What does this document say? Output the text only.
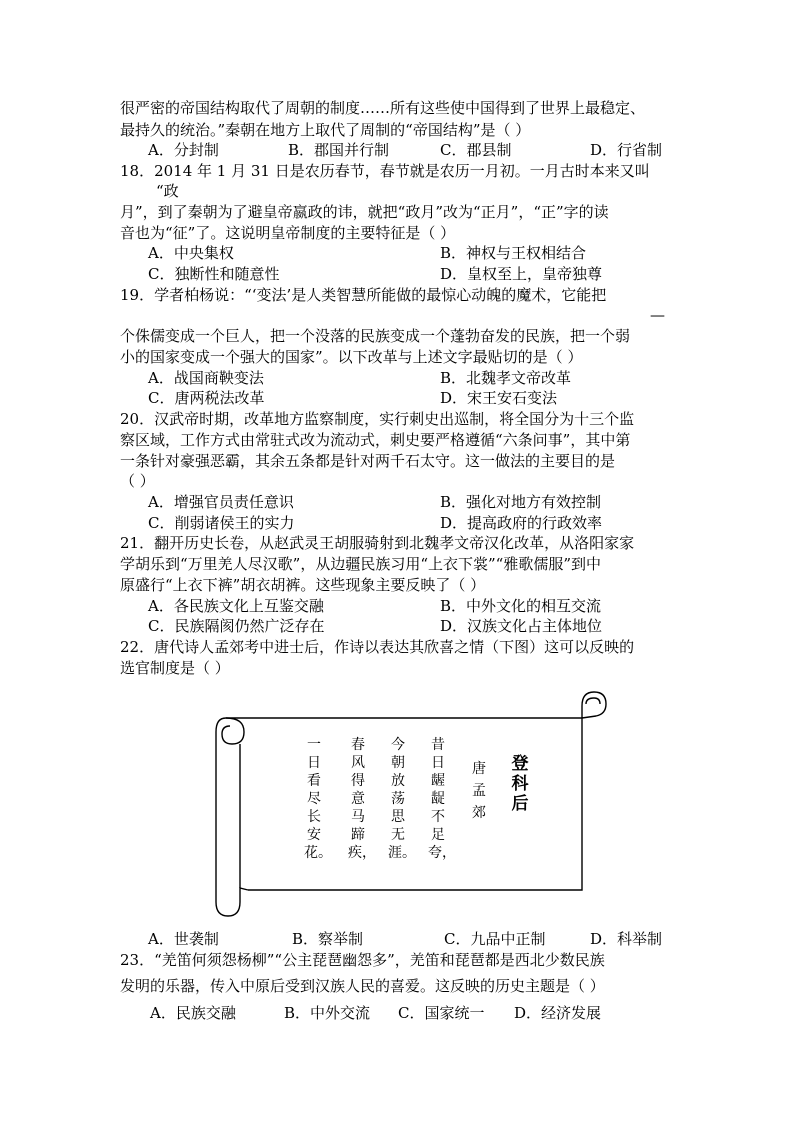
很严密的帝国结构取代了周朝的制度……所有这些使中国得到了世界上最稳定、
最持久的统治。”秦朝在地方上取代了周制的“帝国结构”是（ ）
A．分封制	B．郡国并行制	C．郡县制	D．行省制
18．2014 年 1 月 31 日是农历春节，春节就是农历一月初。一月古时本来又叫
“政
月”，到了秦朝为了避皇帝嬴政的讳，就把“政月”改为“正月”，“正”字的读
音也为“征”了。这说明皇帝制度的主要特征是（ ）
A．中央集权	B．神权与王权相结合
C．独断性和随意性	D．皇权至上，皇帝独尊
19．学者柏杨说：“‘变法’是人类智慧所能做的最惊心动魄的魔术，它能把
—
个侏儒变成一个巨人，把一个没落的民族变成一个蓬勃奋发的民族，把一个弱
小的国家变成一个强大的国家”。以下改革与上述文字最贴切的是（ ）
A．战国商鞅变法	B．北魏孝文帝改革
C．唐两税法改革	D．宋王安石变法
20．汉武帝时期，改革地方监察制度，实行刺史出巡制，将全国分为十三个监
察区域，工作方式由常驻式改为流动式，刺史要严格遵循“六条问事”，其中第
一条针对豪强恶霸，其余五条都是针对两千石太守。这一做法的主要目的是
（ ）
A．增强官员责任意识	B．强化对地方有效控制
C．削弱诸侯王的实力	D．提高政府的行政效率
21．翻开历史长卷，从赵武灵王胡服骑射到北魏孝文帝汉化改革，从洛阳家家
学胡乐到“万里羌人尽汉歌”，从边疆民族习用“上衣下裳”“雅歌儒服”到中
原盛行“上衣下裤”胡衣胡裤。这些现象主要反映了（ ）
A．各民族文化上互鉴交融	B．中外文化的相互交流
C．民族隔阂仍然广泛存在	D．汉族文化占主体地位
22．唐代诗人孟郊考中进士后，作诗以表达其欣喜之情（下图）这可以反映的
选官制度是（ ）
登科后
唐 孟郊
昔日龌龊不足夸，
今朝放荡思无涯。
春风得意马蹄疾，
一日看尽长安花。
A．世袭制	B．察举制	C．九品中正制	D．科举制
23．“羌笛何须怨杨柳”“公主琵琶幽怨多”，羌笛和琵琶都是西北少数民族
发明的乐器，传入中原后受到汉族人民的喜爱。这反映的历史主题是（ ）
A．民族交融	B．中外交流 C．国家统一 D．经济发展
